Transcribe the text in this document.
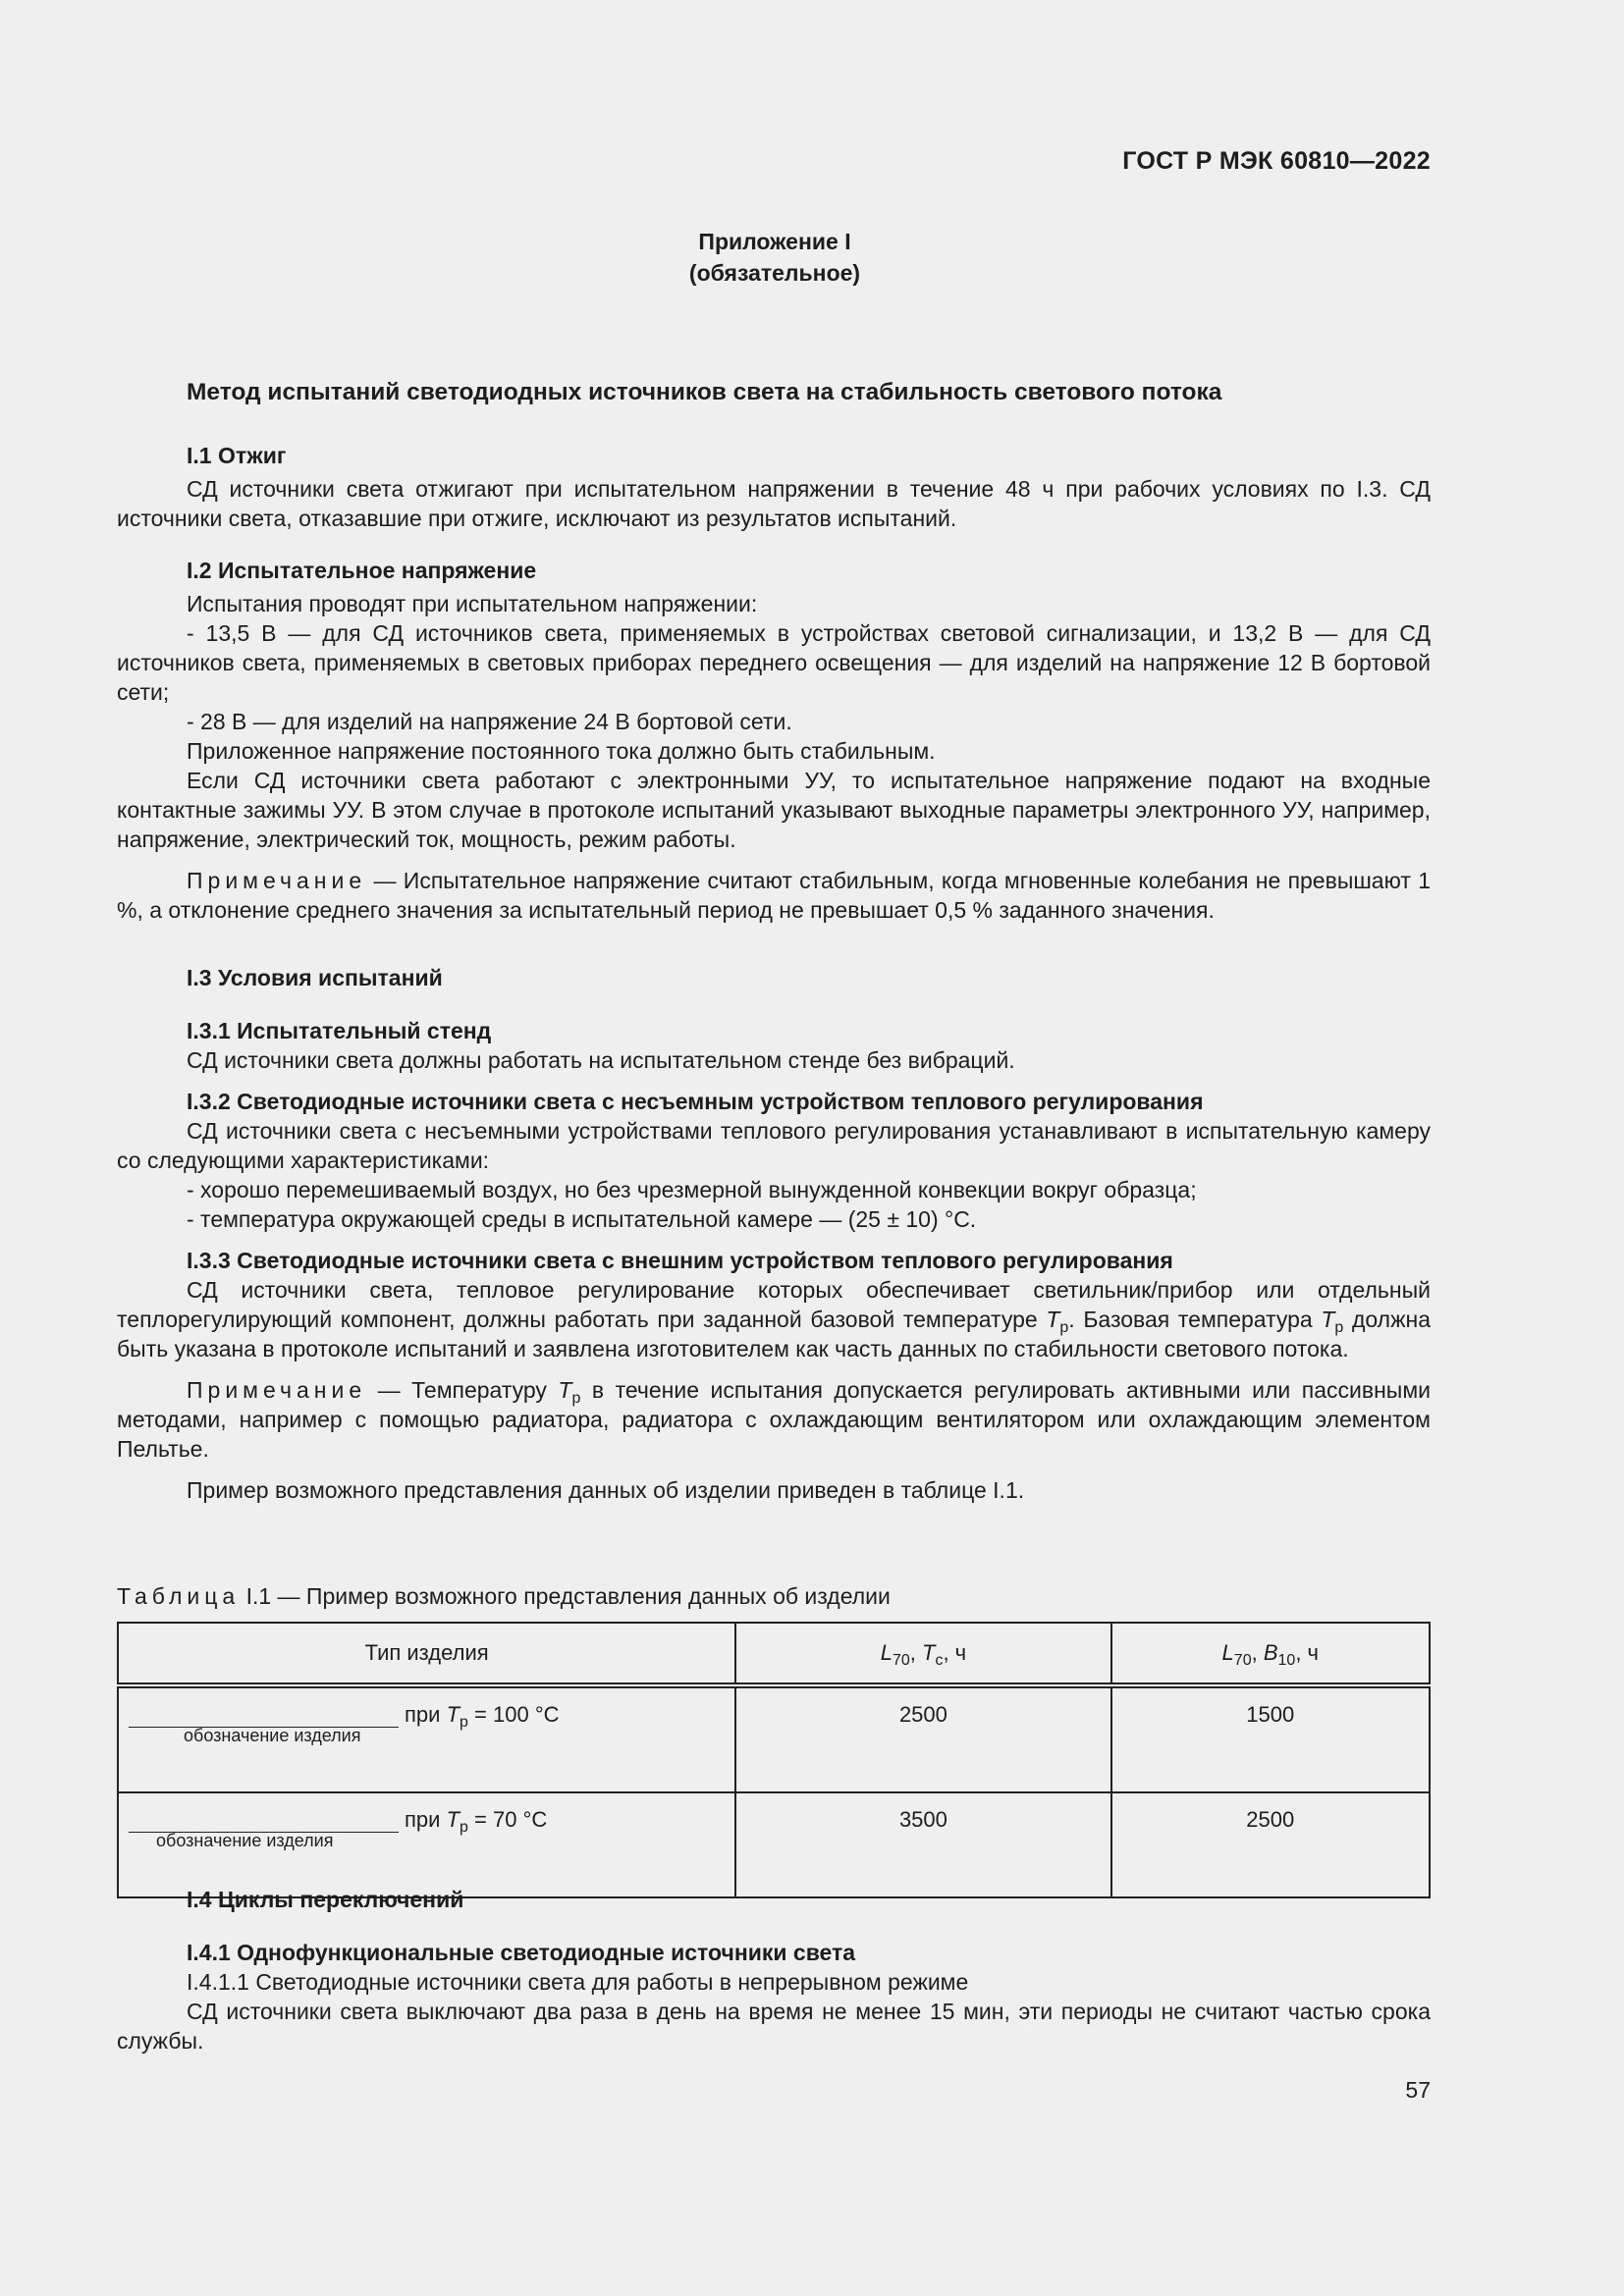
ГОСТ Р МЭК 60810—2022
Приложение I
(обязательное)
Метод испытаний светодиодных источников света на стабильность светового потока

I.1 Отжиг

СД источники света отжигают при испытательном напряжении в течение 48 ч при рабочих условиях по I.3. СД источники света, отказавшие при отжиге, исключают из результатов испытаний.

I.2 Испытательное напряжение

Испытания проводят при испытательном напряжении:

- 13,5 В — для СД источников света, применяемых в устройствах световой сигнализации, и 13,2 В — для СД источников света, применяемых в световых приборах переднего освещения — для изделий на напряжение 12 В бортовой сети;

- 28 В — для изделий на напряжение 24 В бортовой сети.

Приложенное напряжение постоянного тока должно быть стабильным.

Если СД источники света работают с электронными УУ, то испытательное напряжение подают на входные контактные зажимы УУ. В этом случае в протоколе испытаний указывают выходные параметры электронного УУ, например, напряжение, электрический ток, мощность, режим работы.

Примечание — Испытательное напряжение считают стабильным, когда мгновенные колебания не превышают 1 %, а отклонение среднего значения за испытательный период не превышает 0,5 % заданного значения.

I.3 Условия испытаний

I.3.1 Испытательный стенд

СД источники света должны работать на испытательном стенде без вибраций.

I.3.2 Светодиодные источники света с несъемным устройством теплового регулирования

СД источники света с несъемными устройствами теплового регулирования устанавливают в испытательную камеру со следующими характеристиками:

- хорошо перемешиваемый воздух, но без чрезмерной вынужденной конвекции вокруг образца;

- температура окружающей среды в испытательной камере — (25 ± 10) °С.

I.3.3 Светодиодные источники света с внешним устройством теплового регулирования

СД источники света, тепловое регулирование которых обеспечивает светильник/прибор или отдельный теплорегулирующий компонент, должны работать при заданной базовой температуре $T_р$. Базовая температура $T_р$ должна быть указана в протоколе испытаний и заявлена изготовителем как часть данных по стабильности светового потока.

Примечание — Температуру $T_р$ в течение испытания допускается регулировать активными или пассивными методами, например с помощью радиатора, радиатора с охлаждающим вентилятором или охлаждающим элементом Пельтье.

Пример возможного представления данных об изделии приведен в таблице I.1.

Таблица I.1 — Пример возможного представления данных об изделии

Тип изделия	$L_{70}$, $T_с$, ч	$L_{70}$, $B_{10}$, ч
при $T_р = 100$ °С
обозначение изделия	2500	1500
при $T_р = 70$ °С
обозначение изделия	3500	2500

I.4 Циклы переключений

I.4.1 Однофункциональные светодиодные источники света

I.4.1.1 Светодиодные источники света для работы в непрерывном режиме

СД источники света выключают два раза в день на время не менее 15 мин, эти периоды не считают частью срока службы.

57
